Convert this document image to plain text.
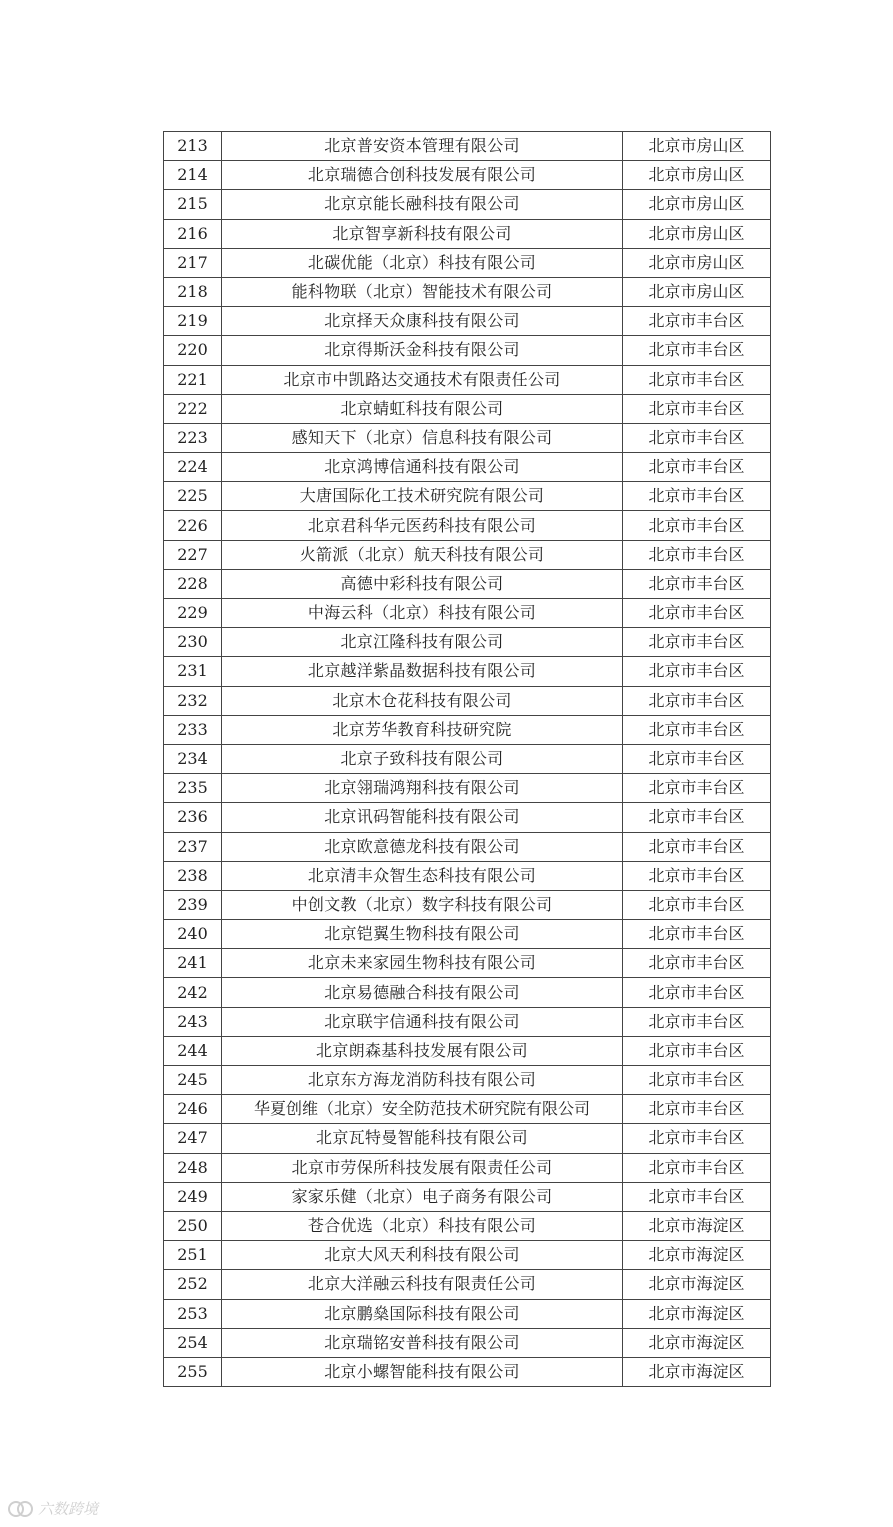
213	北京普安资本管理有限公司	北京市房山区
214	北京瑞德合创科技发展有限公司	北京市房山区
215	北京京能长融科技有限公司	北京市房山区
216	北京智享新科技有限公司	北京市房山区
217	北碳优能（北京）科技有限公司	北京市房山区
218	能科物联（北京）智能技术有限公司	北京市房山区
219	北京择天众康科技有限公司	北京市丰台区
220	北京得斯沃金科技有限公司	北京市丰台区
221	北京市中凯路达交通技术有限责任公司	北京市丰台区
222	北京蜻虹科技有限公司	北京市丰台区
223	感知天下（北京）信息科技有限公司	北京市丰台区
224	北京鸿博信通科技有限公司	北京市丰台区
225	大唐国际化工技术研究院有限公司	北京市丰台区
226	北京君科华元医药科技有限公司	北京市丰台区
227	火箭派（北京）航天科技有限公司	北京市丰台区
228	高德中彩科技有限公司	北京市丰台区
229	中海云科（北京）科技有限公司	北京市丰台区
230	北京江隆科技有限公司	北京市丰台区
231	北京越洋紫晶数据科技有限公司	北京市丰台区
232	北京木仓花科技有限公司	北京市丰台区
233	北京芳华教育科技研究院	北京市丰台区
234	北京子致科技有限公司	北京市丰台区
235	北京翎瑞鸿翔科技有限公司	北京市丰台区
236	北京讯码智能科技有限公司	北京市丰台区
237	北京欧意德龙科技有限公司	北京市丰台区
238	北京清丰众智生态科技有限公司	北京市丰台区
239	中创文教（北京）数字科技有限公司	北京市丰台区
240	北京铠翼生物科技有限公司	北京市丰台区
241	北京未来家园生物科技有限公司	北京市丰台区
242	北京易德融合科技有限公司	北京市丰台区
243	北京联宇信通科技有限公司	北京市丰台区
244	北京朗森基科技发展有限公司	北京市丰台区
245	北京东方海龙消防科技有限公司	北京市丰台区
246	华夏创维（北京）安全防范技术研究院有限公司	北京市丰台区
247	北京瓦特曼智能科技有限公司	北京市丰台区
248	北京市劳保所科技发展有限责任公司	北京市丰台区
249	家家乐健（北京）电子商务有限公司	北京市丰台区
250	苍合优选（北京）科技有限公司	北京市海淀区
251	北京大风天利科技有限公司	北京市海淀区
252	北京大洋融云科技有限责任公司	北京市海淀区
253	北京鹏燊国际科技有限公司	北京市海淀区
254	北京瑞铭安普科技有限公司	北京市海淀区
255	北京小螺智能科技有限公司	北京市海淀区
六数跨境
